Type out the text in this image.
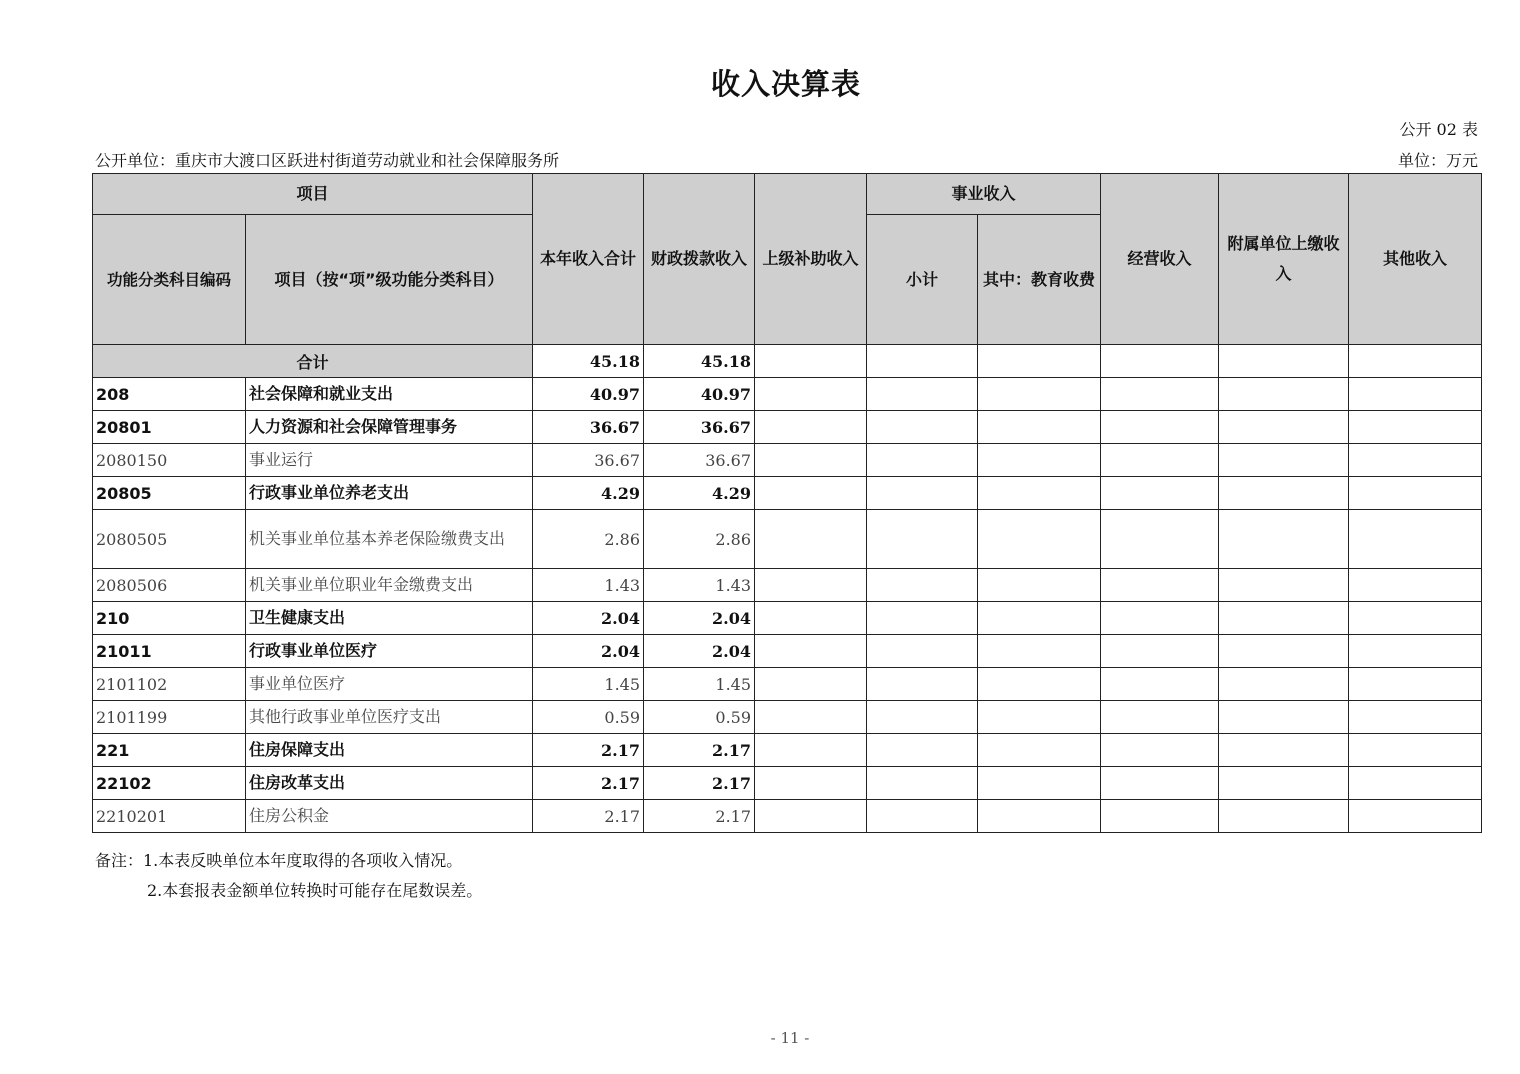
收入决算表
公开 02 表
公开单位：重庆市大渡口区跃进村街道劳动就业和社会保障服务所	单位：万元
项目		本年收入合计	财政拨款收入	上级补助收入	事业收入		经营收入	附属单位上缴收入	其他收入
功能分类科目编码	项目（按“项”级功能分类科目）				小计	其中：教育收费			
合计		45.18	45.18						
208	社会保障和就业支出	40.97	40.97						
20801	人力资源和社会保障管理事务	36.67	36.67						
2080150	事业运行	36.67	36.67						
20805	行政事业单位养老支出	4.29	4.29						
2080505	机关事业单位基本养老保险缴费支出	2.86	2.86						
2080506	机关事业单位职业年金缴费支出	1.43	1.43						
210	卫生健康支出	2.04	2.04						
21011	行政事业单位医疗	2.04	2.04						
2101102	事业单位医疗	1.45	1.45						
2101199	其他行政事业单位医疗支出	0.59	0.59						
221	住房保障支出	2.17	2.17						
22102	住房改革支出	2.17	2.17						
2210201	住房公积金	2.17	2.17						
备注：1.本表反映单位本年度取得的各项收入情况。
2.本套报表金额单位转换时可能存在尾数误差。
- 11 -
